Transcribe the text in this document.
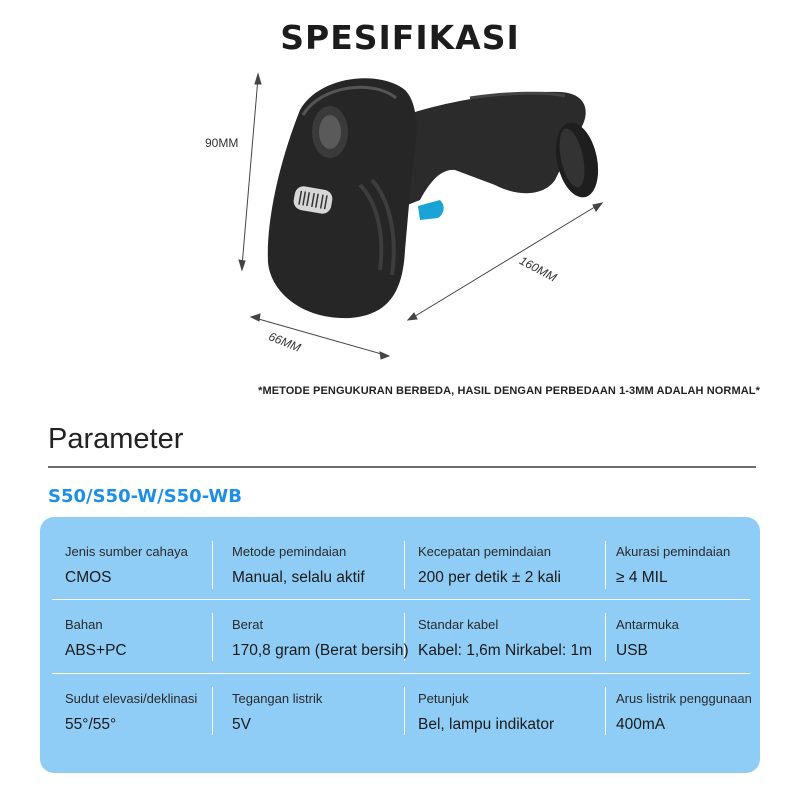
SPESIFIKASI
90MM
160MM
66MM
*METODE PENGUKURAN BERBEDA, HASIL DENGAN PERBEDAAN 1-3MM ADALAH NORMAL*
Parameter
S50/S50-W/S50-WB
Jenis sumber cahaya
CMOS
Metode pemindaian
Manual, selalu aktif
Kecepatan pemindaian
200 per detik ± 2 kali
Akurasi pemindaian
≥ 4 MIL
Bahan
ABS+PC
Berat
170,8 gram (Berat bersih)
Standar kabel
Kabel: 1,6m Nirkabel: 1m
Antarmuka
USB
Sudut elevasi/deklinasi
55°/55°
Tegangan listrik
5V
Petunjuk
Bel, lampu indikator
Arus listrik penggunaan
400mA
